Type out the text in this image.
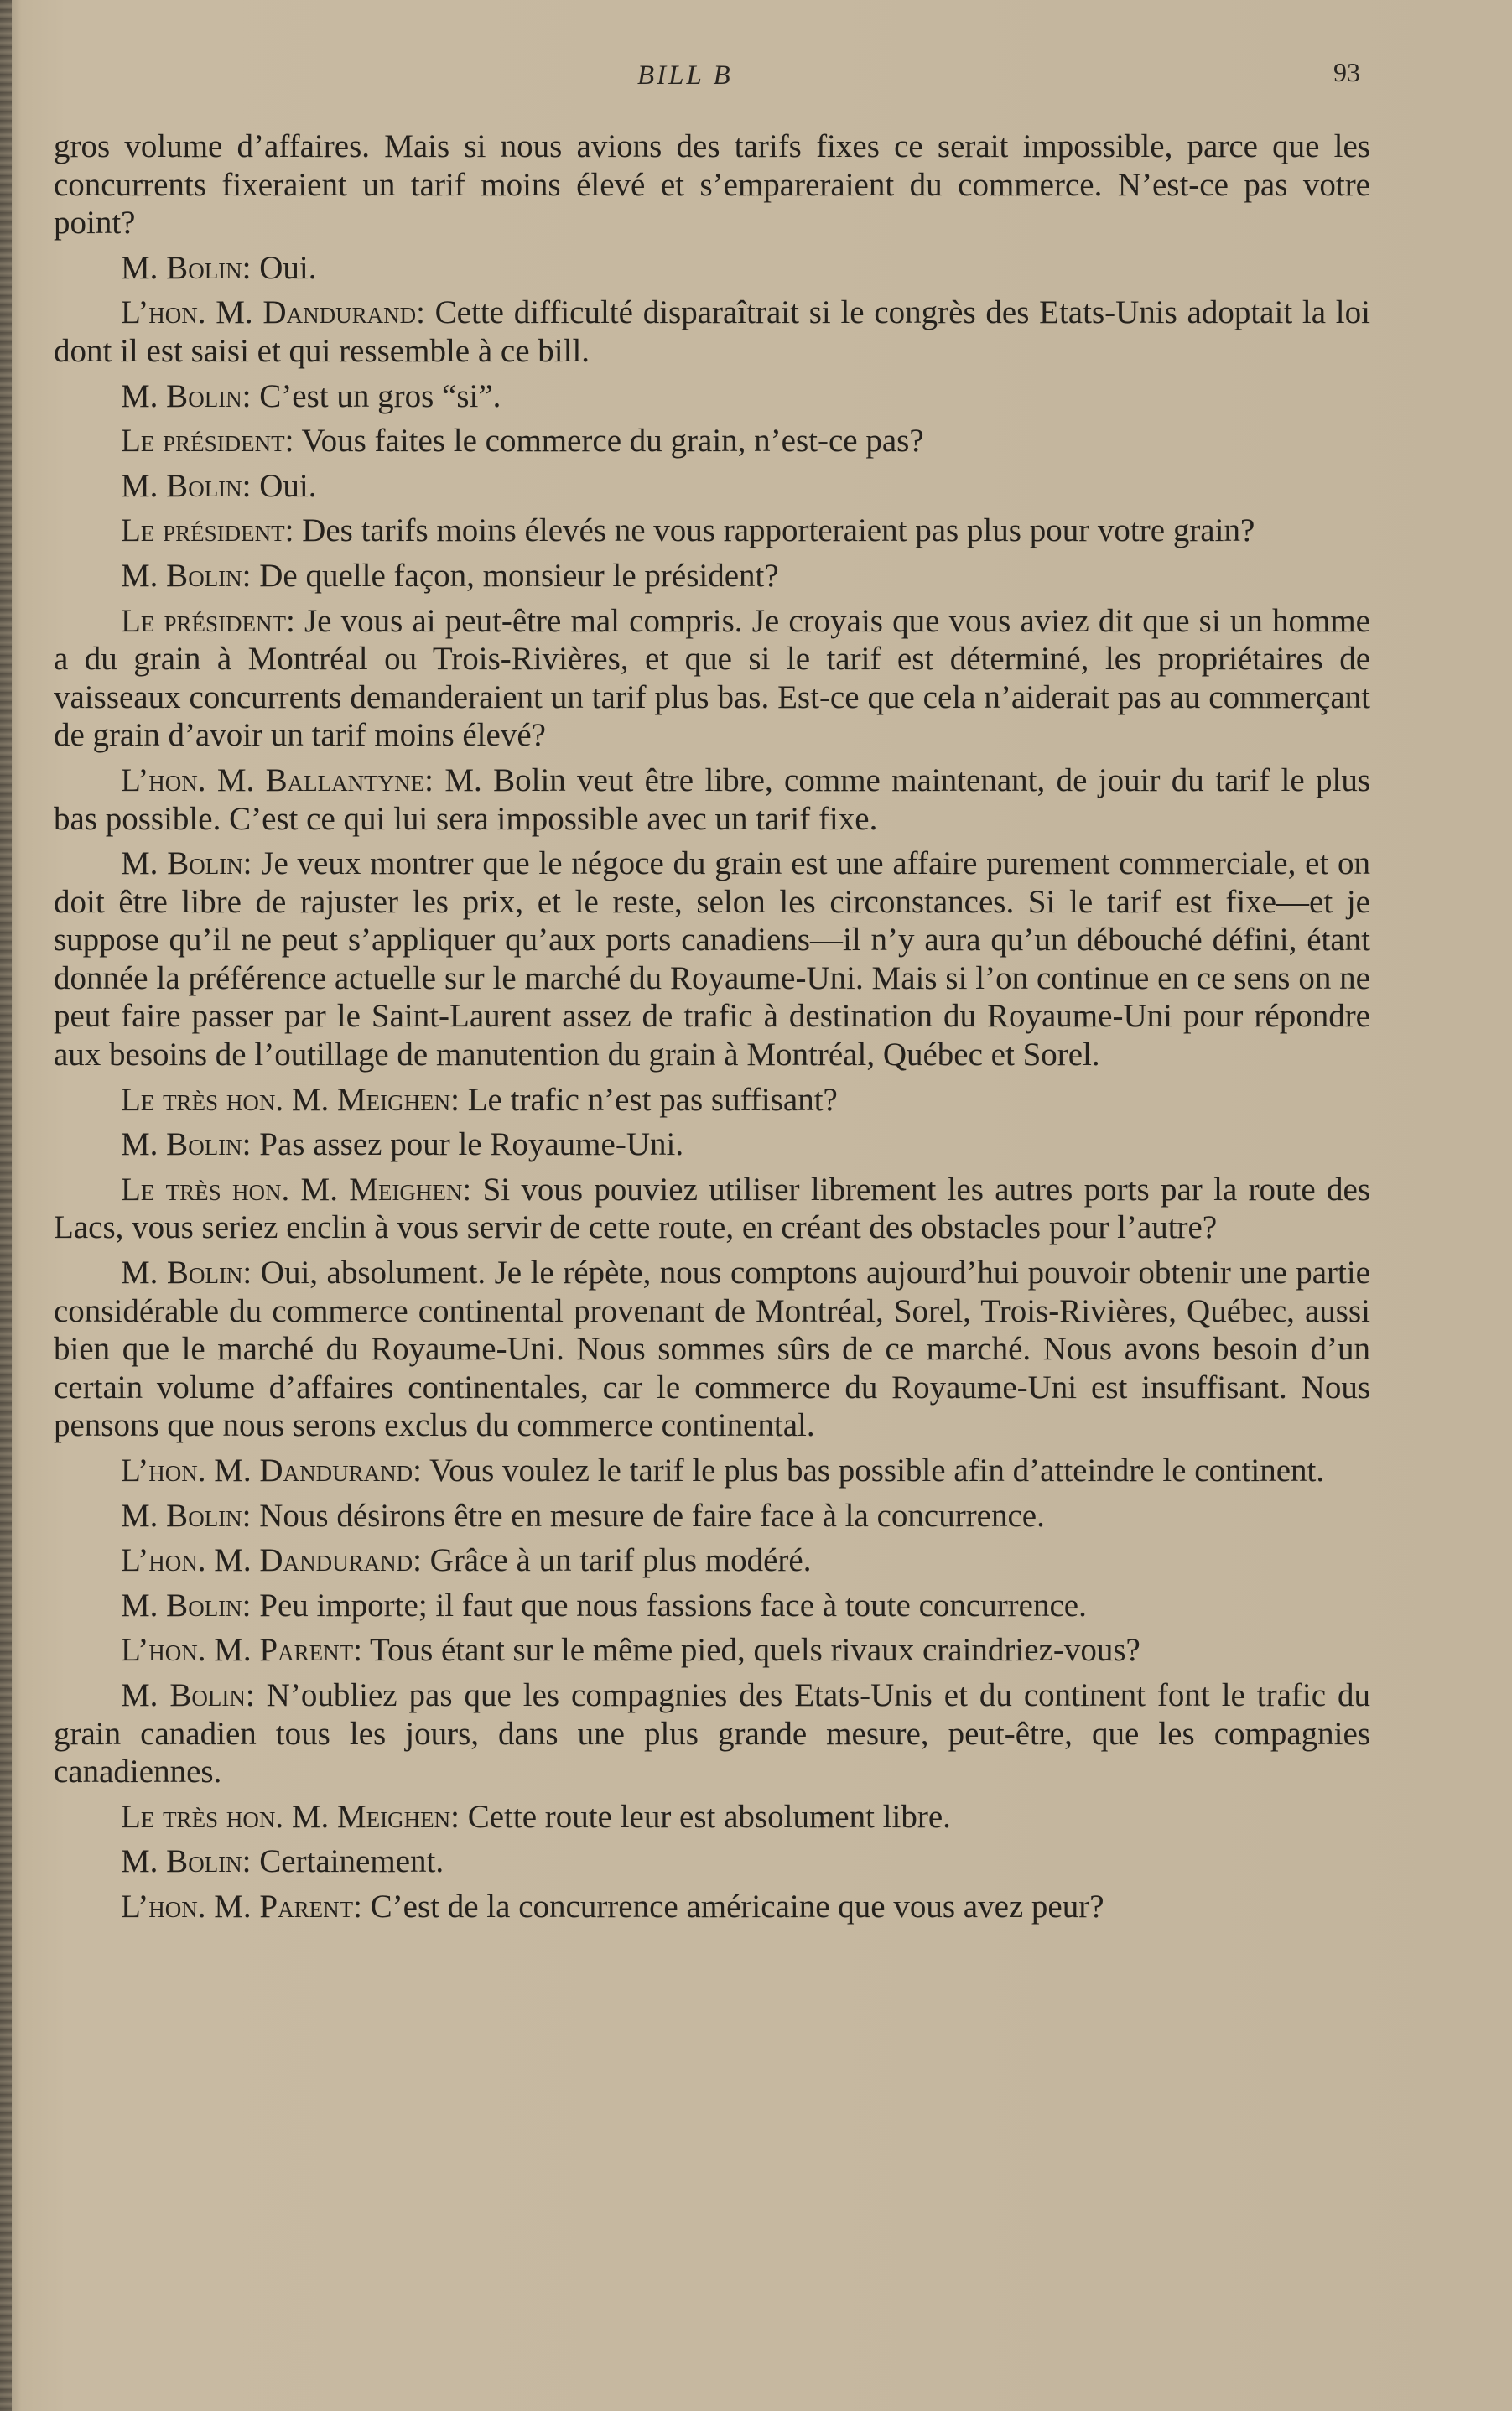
BILL B	93

gros volume d’affaires. Mais si nous avions des tarifs fixes ce serait impossible, parce que les concurrents fixeraient un tarif moins élevé et s’empareraient du commerce. N’est-ce pas votre point?

M. Bolin: Oui.

L’hon. M. Dandurand: Cette difficulté disparaîtrait si le congrès des Etats-Unis adoptait la loi dont il est saisi et qui ressemble à ce bill.

M. Bolin: C’est un gros “si”.

Le président: Vous faites le commerce du grain, n’est-ce pas?

M. Bolin: Oui.

Le président: Des tarifs moins élevés ne vous rapporteraient pas plus pour votre grain?

M. Bolin: De quelle façon, monsieur le président?

Le président: Je vous ai peut-être mal compris. Je croyais que vous aviez dit que si un homme a du grain à Montréal ou Trois-Rivières, et que si le tarif est déterminé, les propriétaires de vaisseaux concurrents demanderaient un tarif plus bas. Est-ce que cela n’aiderait pas au commerçant de grain d’avoir un tarif moins élevé?

L’hon. M. Ballantyne: M. Bolin veut être libre, comme maintenant, de jouir du tarif le plus bas possible. C’est ce qui lui sera impossible avec un tarif fixe.

M. Bolin: Je veux montrer que le négoce du grain est une affaire purement commerciale, et on doit être libre de rajuster les prix, et le reste, selon les circonstances. Si le tarif est fixe—et je suppose qu’il ne peut s’appliquer qu’aux ports canadiens—il n’y aura qu’un débouché défini, étant donnée la préférence actuelle sur le marché du Royaume-Uni. Mais si l’on continue en ce sens on ne peut faire passer par le Saint-Laurent assez de trafic à destination du Royaume-Uni pour répondre aux besoins de l’outillage de manutention du grain à Montréal, Québec et Sorel.

Le très hon. M. Meighen: Le trafic n’est pas suffisant?

M. Bolin: Pas assez pour le Royaume-Uni.

Le très hon. M. Meighen: Si vous pouviez utiliser librement les autres ports par la route des Lacs, vous seriez enclin à vous servir de cette route, en créant des obstacles pour l’autre?

M. Bolin: Oui, absolument. Je le répète, nous comptons aujourd’hui pouvoir obtenir une partie considérable du commerce continental provenant de Montréal, Sorel, Trois-Rivières, Québec, aussi bien que le marché du Royaume-Uni. Nous sommes sûrs de ce marché. Nous avons besoin d’un certain volume d’affaires continentales, car le commerce du Royaume-Uni est insuffisant. Nous pensons que nous serons exclus du commerce continental.

L’hon. M. Dandurand: Vous voulez le tarif le plus bas possible afin d’atteindre le continent.

M. Bolin: Nous désirons être en mesure de faire face à la concurrence.

L’hon. M. Dandurand: Grâce à un tarif plus modéré.

M. Bolin: Peu importe; il faut que nous fassions face à toute concurrence.

L’hon. M. Parent: Tous étant sur le même pied, quels rivaux craindriez-vous?

M. Bolin: N’oubliez pas que les compagnies des Etats-Unis et du continent font le trafic du grain canadien tous les jours, dans une plus grande mesure, peut-être, que les compagnies canadiennes.

Le très hon. M. Meighen: Cette route leur est absolument libre.

M. Bolin: Certainement.

L’hon. M. Parent: C’est de la concurrence américaine que vous avez peur?
